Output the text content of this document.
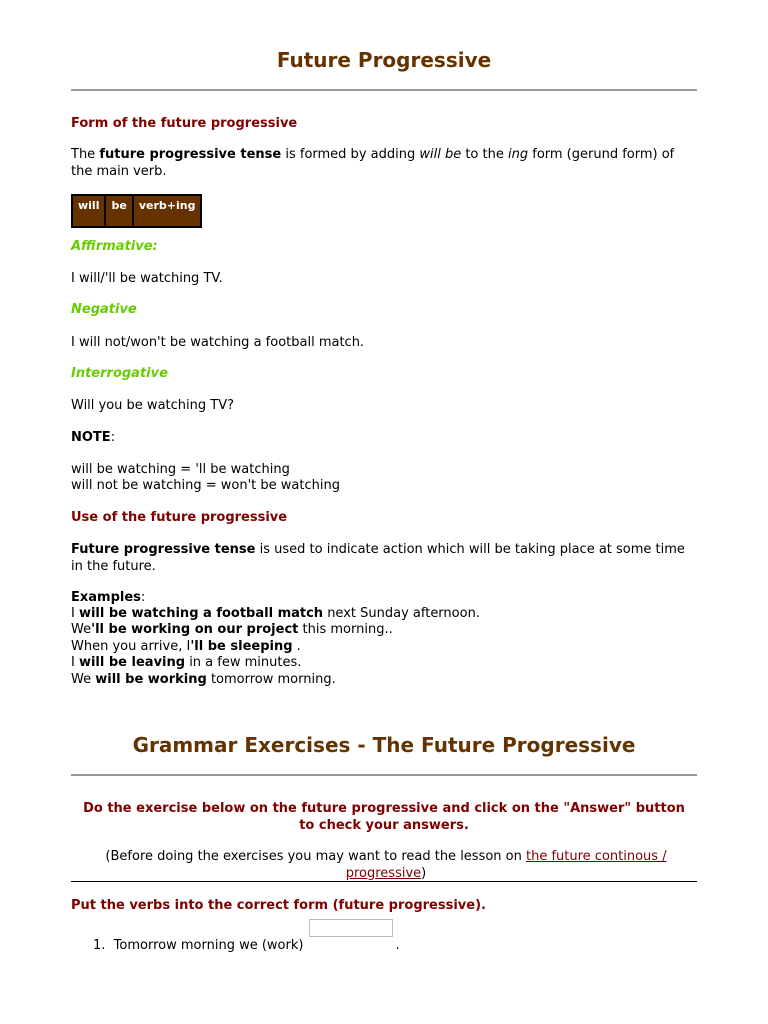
Future Progressive
Form of the future progressive
The future progressive tense is formed by adding will be to the ing form (gerund form) of the main verb.
will	be	verb+ing
Affirmative:
I will/'ll be watching TV.
Negative
I will not/won't be watching a football match.
Interrogative
Will you be watching TV?
NOTE:
will be watching = 'll be watching
will not be watching = won't be watching
Use of the future progressive
Future progressive tense is used to indicate action which will be taking place at some time in the future.
Examples:
I will be watching a football match next Sunday afternoon.
We'll be working on our project this morning..
When you arrive, I'll be sleeping .
I will be leaving in a few minutes.
We will be working tomorrow morning.
Grammar Exercises - The Future Progressive
Do the exercise below on the future progressive and click on the "Answer" button to check your answers.
(Before doing the exercises you may want to read the lesson on the future continous / progressive)
Put the verbs into the correct form (future progressive).
1. Tomorrow morning we (work)	.
